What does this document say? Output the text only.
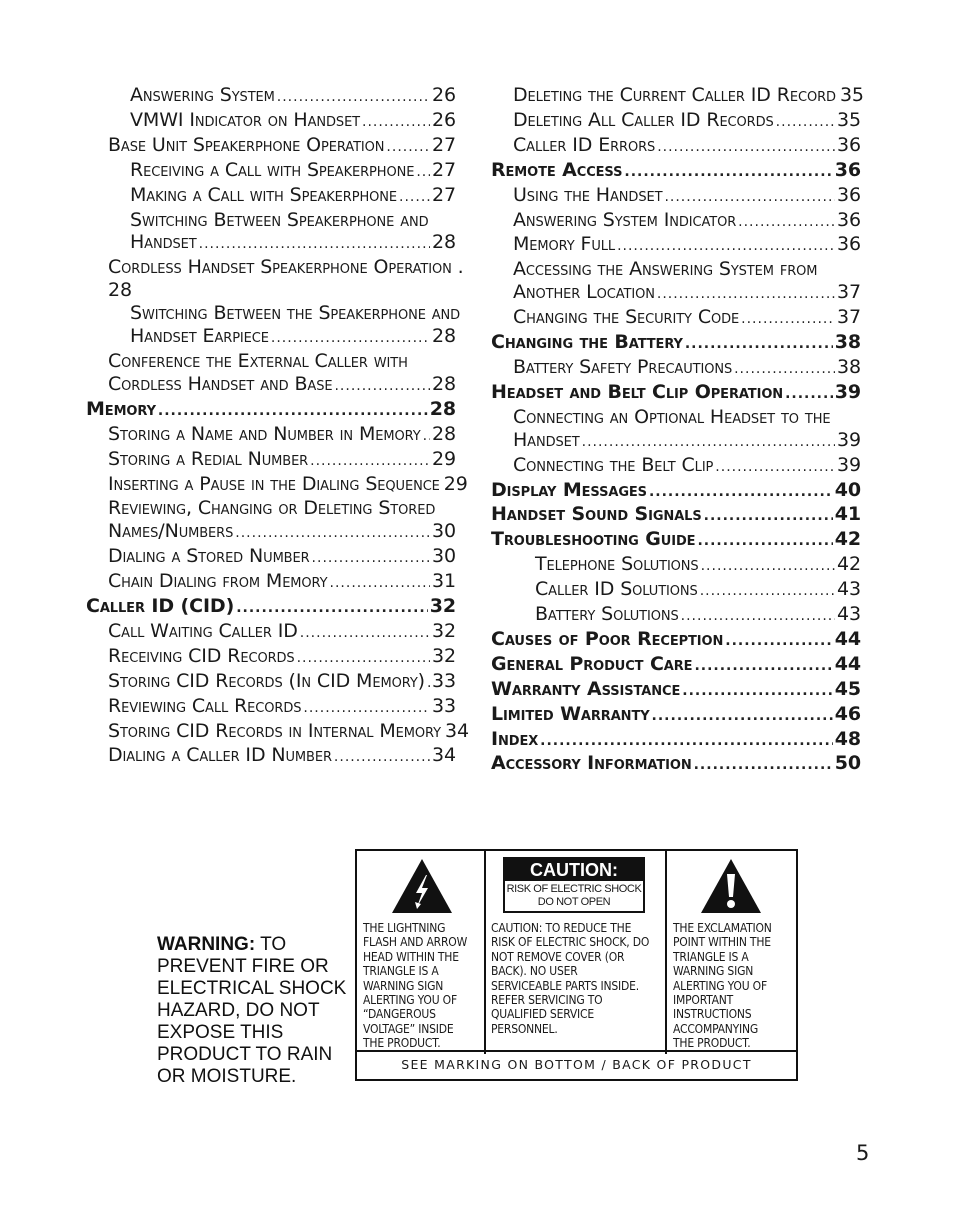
Answering System .....	26
VMWI Indicator on Handset .....	26
Base Unit Speakerphone Operation .....	27
Receiving a Call with Speakerphone ..... 27
Making a Call with Speakerphone ..... 27
Switching Between Speakerphone and
Handset .....	28
Cordless Handset Speakerphone Operation .
28
Switching Between the Speakerphone and
Handset Earpiece .....	28
Conference the External Caller with
Cordless Handset and Base .....	28
Memory .....	28
Storing a Name and Number in Memory ..... 28
Storing a Redial Number .....	29
Inserting a Pause in the Dialing Sequence 29
Reviewing, Changing or Deleting Stored
Names/Numbers .....	30
Dialing a Stored Number .....	30
Chain Dialing from Memory .....	31
Caller ID (CID) .....	32
Call Waiting Caller ID .....	32
Receiving CID Records .....	32
Storing CID Records (In CID Memory) ..... 33
Reviewing Call Records .....	33
Storing CID Records in Internal Memory 34
Dialing a Caller ID Number .....	34
Deleting the Current Caller ID Record 35
Deleting All Caller ID Records .....	35
Caller ID Errors .....	36
Remote Access .....	36
Using the Handset .....	36
Answering System Indicator .....	36
Memory Full .....	36
Accessing the Answering System from
Another Location .....	37
Changing the Security Code .....	37
Changing the Battery .....	38
Battery Safety Precautions .....	38
Headset and Belt Clip Operation .....	39
Connecting an Optional Headset to the
Handset .....	39
Connecting the Belt Clip .....	39
Display Messages .....	40
Handset Sound Signals .....	41
Troubleshooting Guide .....	42
Telephone Solutions .....	42
Caller ID Solutions .....	43
Battery Solutions .....	43
Causes of Poor Reception .....	44
General Product Care .....	44
Warranty Assistance .....	45
Limited Warranty .....	46
Index .....	48
Accessory Information .....	50
WARNING: TO PREVENT FIRE OR ELECTRICAL SHOCK HAZARD, DO NOT EXPOSE THIS PRODUCT TO RAIN OR MOISTURE.
THE LIGHTNING
FLASH AND ARROW
HEAD WITHIN THE
TRIANGLE IS A
WARNING SIGN
ALERTING YOU OF
“DANGEROUS
VOLTAGE” INSIDE
THE PRODUCT.
CAUTION:
RISK OF ELECTRIC SHOCK
DO NOT OPEN
CAUTION: TO REDUCE THE
RISK OF ELECTRIC SHOCK, DO
NOT REMOVE COVER (OR
BACK). NO USER
SERVICEABLE PARTS INSIDE.
REFER SERVICING TO
QUALIFIED SERVICE
PERSONNEL.
THE EXCLAMATION
POINT WITHIN THE
TRIANGLE IS A
WARNING SIGN
ALERTING YOU OF
IMPORTANT
INSTRUCTIONS
ACCOMPANYING
THE PRODUCT.
SEE MARKING ON BOTTOM / BACK OF PRODUCT
5
